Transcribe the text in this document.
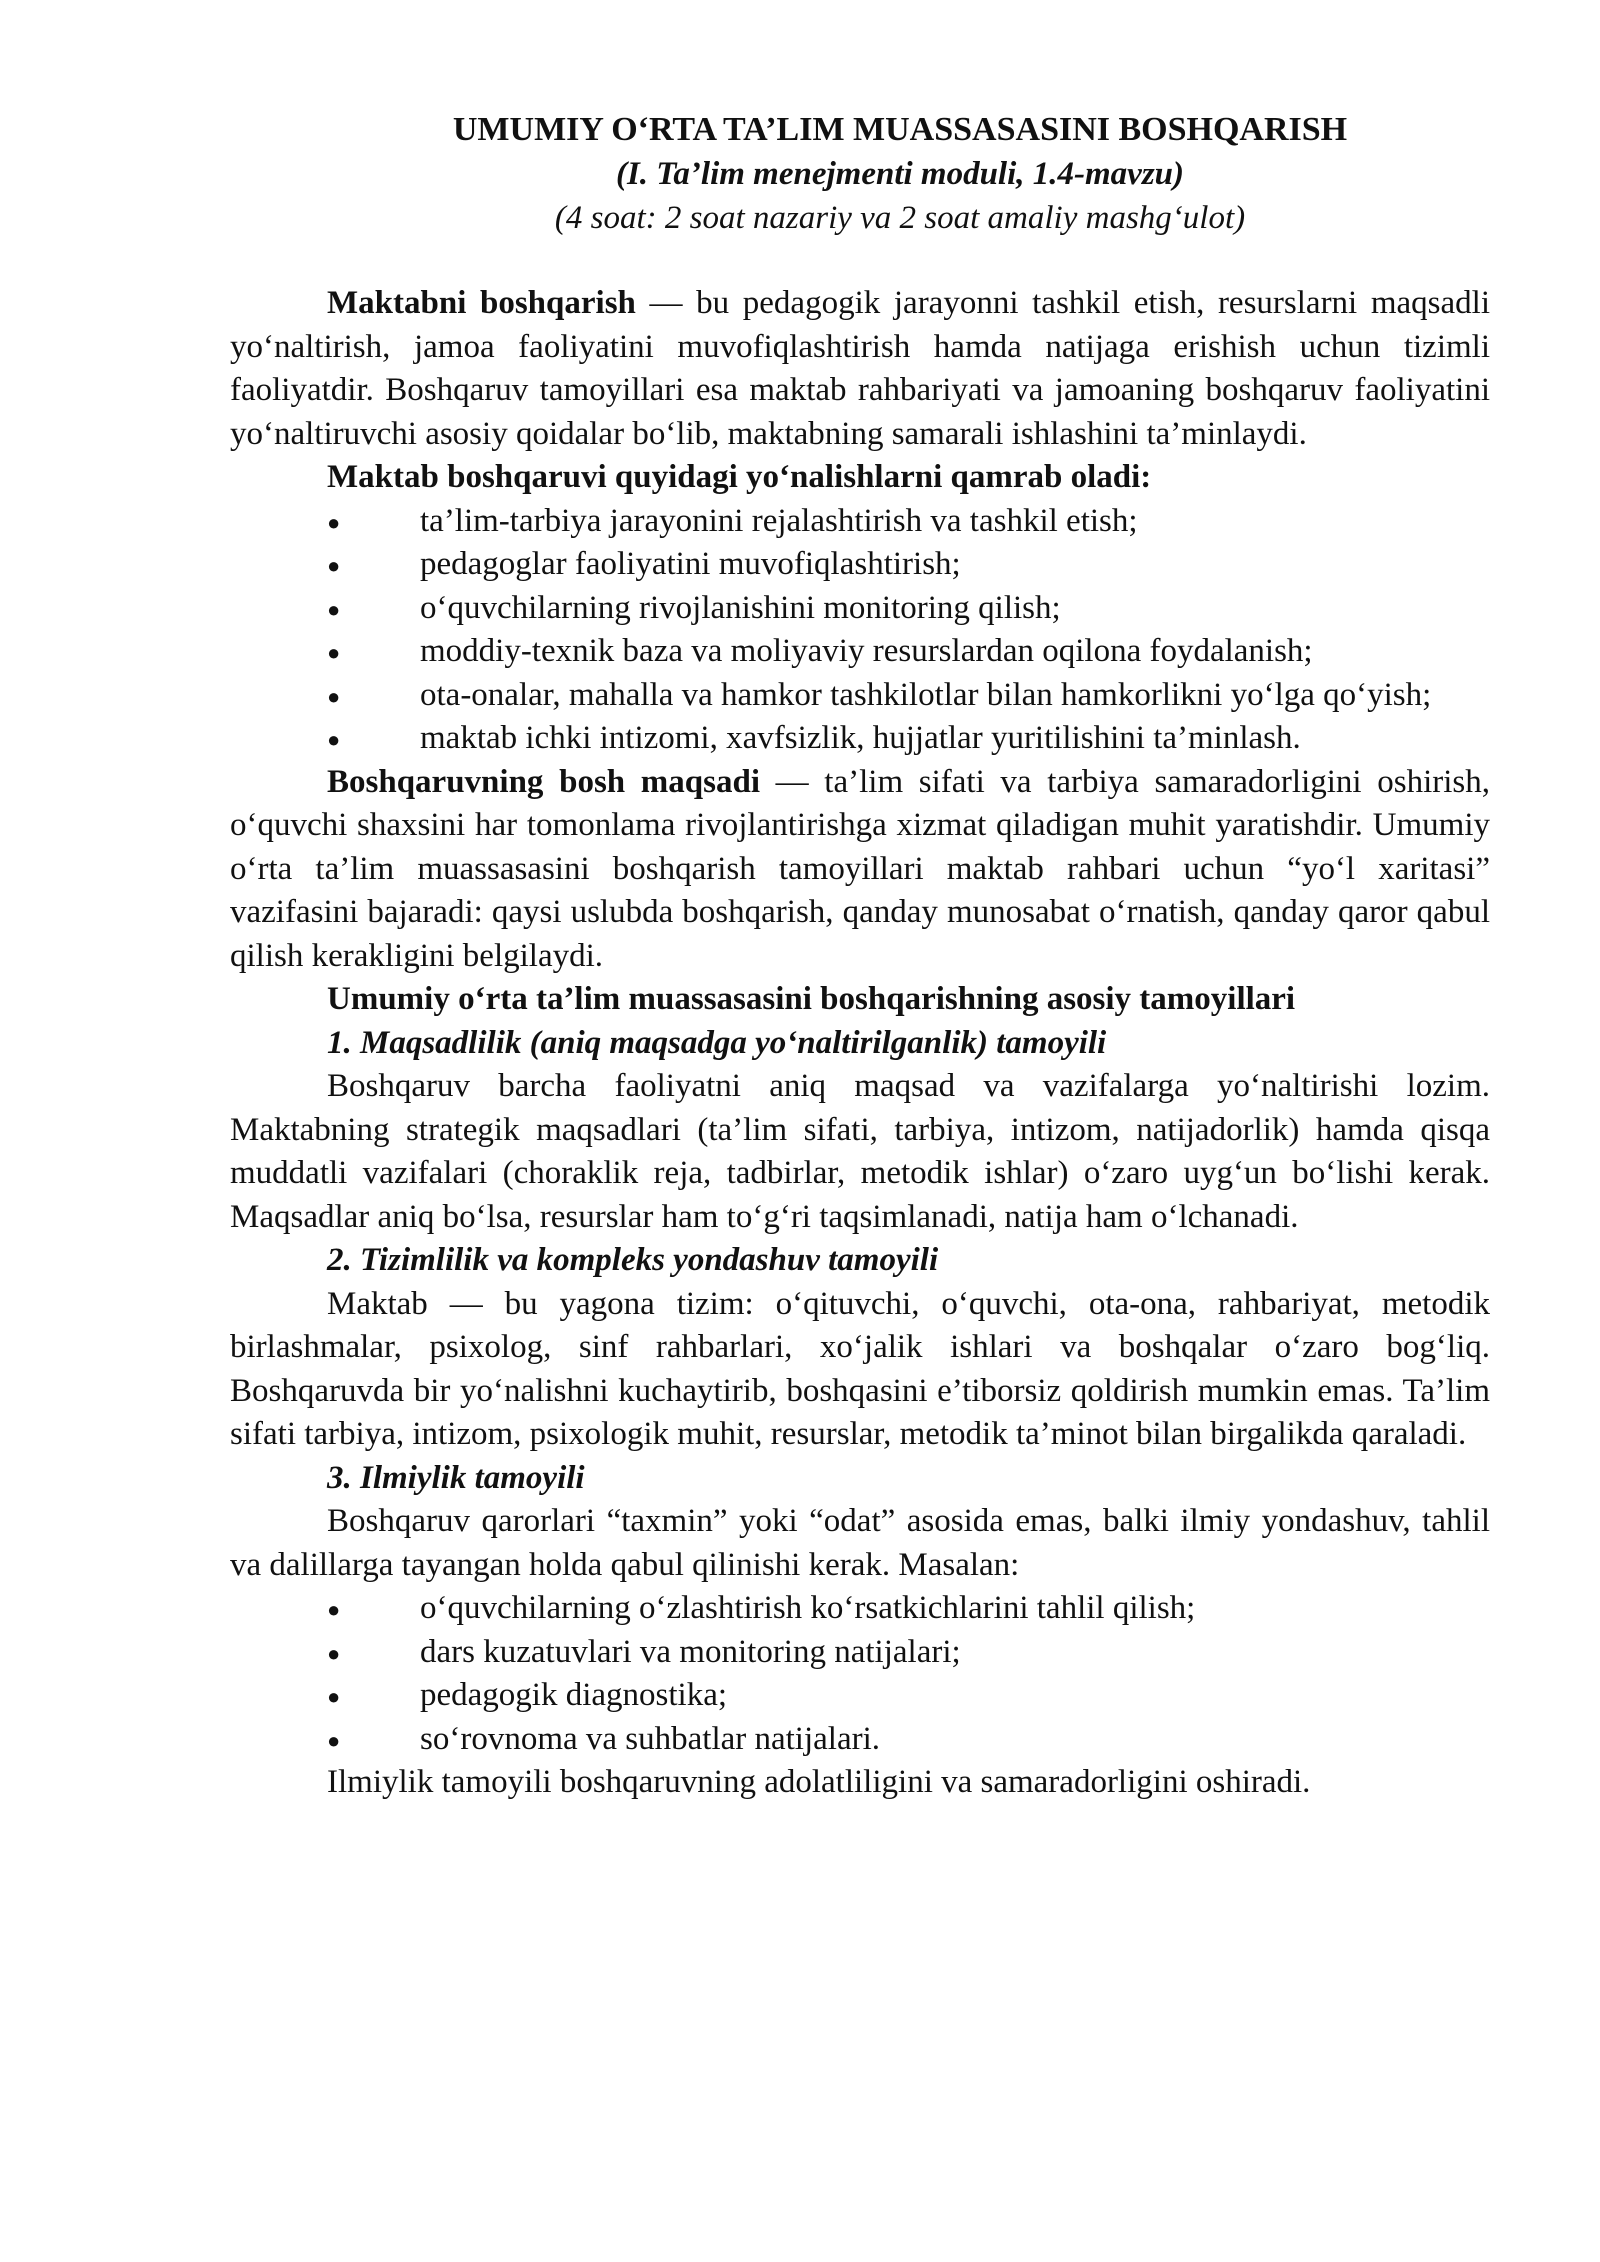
UMUMIY O‘RTA TA’LIM MUASSASASINI BOSHQARISH
(I. Ta’lim menejmenti moduli, 1.4-mavzu)
(4 soat: 2 soat nazariy va 2 soat amaliy mashg‘ulot)

Maktabni boshqarish — bu pedagogik jarayonni tashkil etish, resurslarni maqsadli yo‘naltirish, jamoa faoliyatini muvofiqlashtirish hamda natijaga erishish uchun tizimli faoliyatdir. Boshqaruv tamoyillari esa maktab rahbariyati va jamoaning boshqaruv faoliyatini yo‘naltiruvchi asosiy qoidalar bo‘lib, maktabning samarali ishlashini ta’minlaydi.

Maktab boshqaruvi quyidagi yo‘nalishlarni qamrab oladi:
● ta’lim-tarbiya jarayonini rejalashtirish va tashkil etish;
● pedagoglar faoliyatini muvofiqlashtirish;
● o‘quvchilarning rivojlanishini monitoring qilish;
● moddiy-texnik baza va moliyaviy resurslardan oqilona foydalanish;
● ota-onalar, mahalla va hamkor tashkilotlar bilan hamkorlikni yo‘lga qo‘yish;
● maktab ichki intizomi, xavfsizlik, hujjatlar yuritilishini ta’minlash.

Boshqaruvning bosh maqsadi — ta’lim sifati va tarbiya samaradorligini oshirish, o‘quvchi shaxsini har tomonlama rivojlantirishga xizmat qiladigan muhit yaratishdir. Umumiy o‘rta ta’lim muassasasini boshqarish tamoyillari maktab rahbari uchun “yo‘l xaritasi” vazifasini bajaradi: qaysi uslubda boshqarish, qanday munosabat o‘rnatish, qanday qaror qabul qilish kerakligini belgilaydi.

Umumiy o‘rta ta’lim muassasasini boshqarishning asosiy tamoyillari
1. Maqsadlilik (aniq maqsadga yo‘naltirilganlik) tamoyili

Boshqaruv barcha faoliyatni aniq maqsad va vazifalarga yo‘naltirishi lozim. Maktabning strategik maqsadlari (ta’lim sifati, tarbiya, intizom, natijadorlik) hamda qisqa muddatli vazifalari (choraklik reja, tadbirlar, metodik ishlar) o‘zaro uyg‘un bo‘lishi kerak. Maqsadlar aniq bo‘lsa, resurslar ham to‘g‘ri taqsimlanadi, natija ham o‘lchanadi.

2. Tizimlilik va kompleks yondashuv tamoyili

Maktab — bu yagona tizim: o‘qituvchi, o‘quvchi, ota-ona, rahbariyat, metodik birlashmalar, psixolog, sinf rahbarlari, xo‘jalik ishlari va boshqalar o‘zaro bog‘liq. Boshqaruvda bir yo‘nalishni kuchaytirib, boshqasini e’tiborsiz qoldirish mumkin emas. Ta’lim sifati tarbiya, intizom, psixologik muhit, resurslar, metodik ta’minot bilan birgalikda qaraladi.

3. Ilmiylik tamoyili

Boshqaruv qarorlari “taxmin” yoki “odat” asosida emas, balki ilmiy yondashuv, tahlil va dalillarga tayangan holda qabul qilinishi kerak. Masalan:

● o‘quvchilarning o‘zlashtirish ko‘rsatkichlarini tahlil qilish;
● dars kuzatuvlari va monitoring natijalari;
● pedagogik diagnostika;
● so‘rovnoma va suhbatlar natijalari.

Ilmiylik tamoyili boshqaruvning adolatliligini va samaradorligini oshiradi.
